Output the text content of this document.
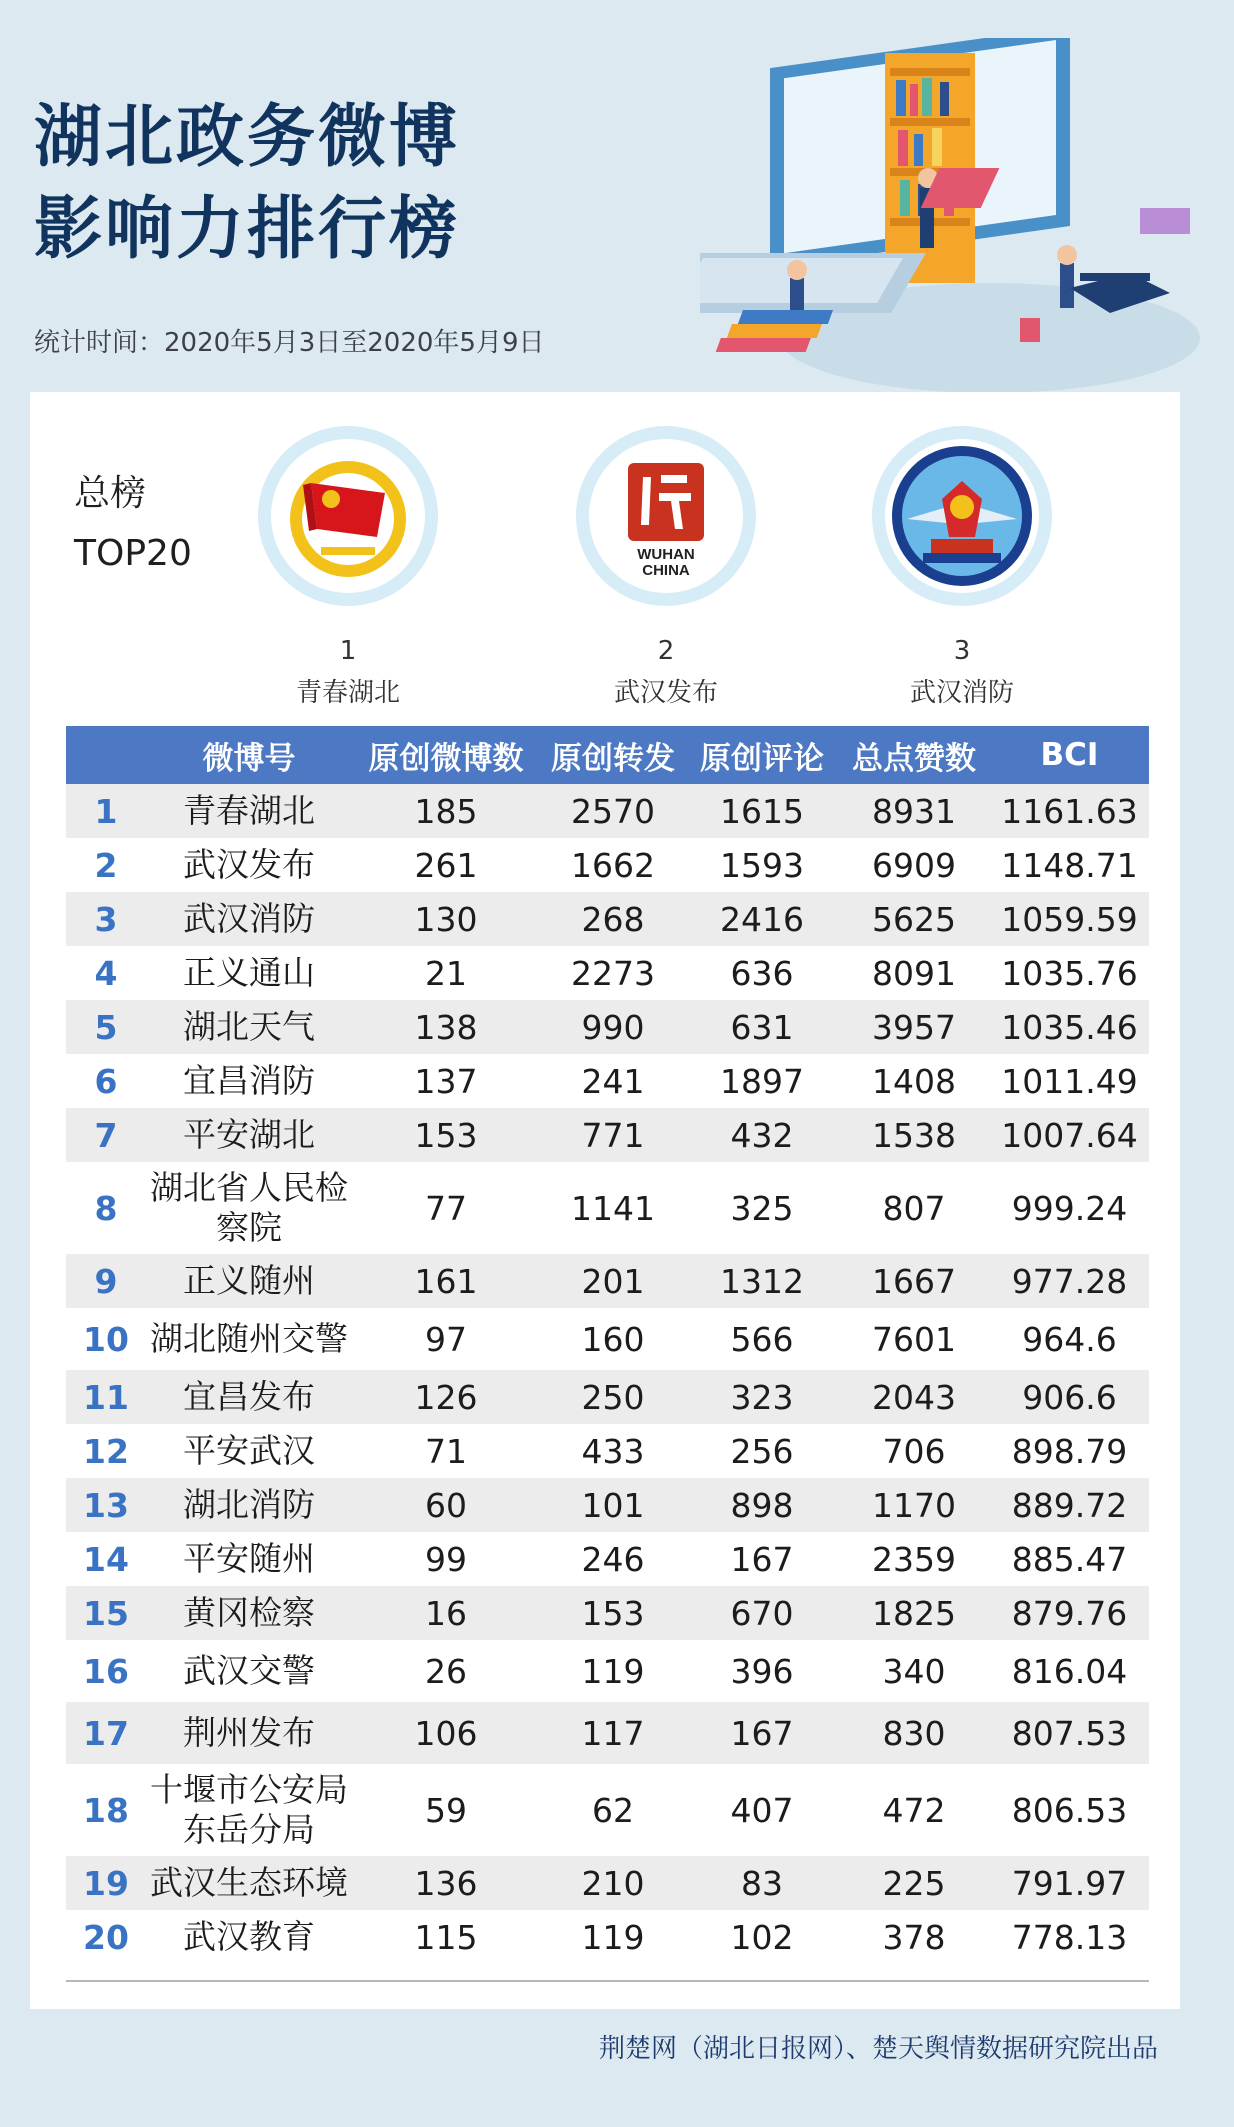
湖北政务微博
影响力排行榜
统计时间：2020年5月3日至2020年5月9日
总榜
TOP20
1
青春湖北
WUHAN
CHINA
2
武汉发布
3
武汉消防
	微博号	原创微博数	原创转发	原创评论	总点赞数	BCI
1	青春湖北	185	2570	1615	8931	1161.63
2	武汉发布	261	1662	1593	6909	1148.71
3	武汉消防	130	268	2416	5625	1059.59
4	正义通山	21	2273	636	8091	1035.76
5	湖北天气	138	990	631	3957	1035.46
6	宜昌消防	137	241	1897	1408	1011.49
7	平安湖北	153	771	432	1538	1007.64
8	湖北省人民检
察院	77	1141	325	807	999.24
9	正义随州	161	201	1312	1667	977.28
10	湖北随州交警	97	160	566	7601	964.6
11	宜昌发布	126	250	323	2043	906.6
12	平安武汉	71	433	256	706	898.79
13	湖北消防	60	101	898	1170	889.72
14	平安随州	99	246	167	2359	885.47
15	黄冈检察	16	153	670	1825	879.76
16	武汉交警	26	119	396	340	816.04
17	荆州发布	106	117	167	830	807.53
18	十堰市公安局
东岳分局	59	62	407	472	806.53
19	武汉生态环境	136	210	83	225	791.97
20	武汉教育	115	119	102	378	778.13
荆楚网（湖北日报网）、楚天舆情数据研究院出品
